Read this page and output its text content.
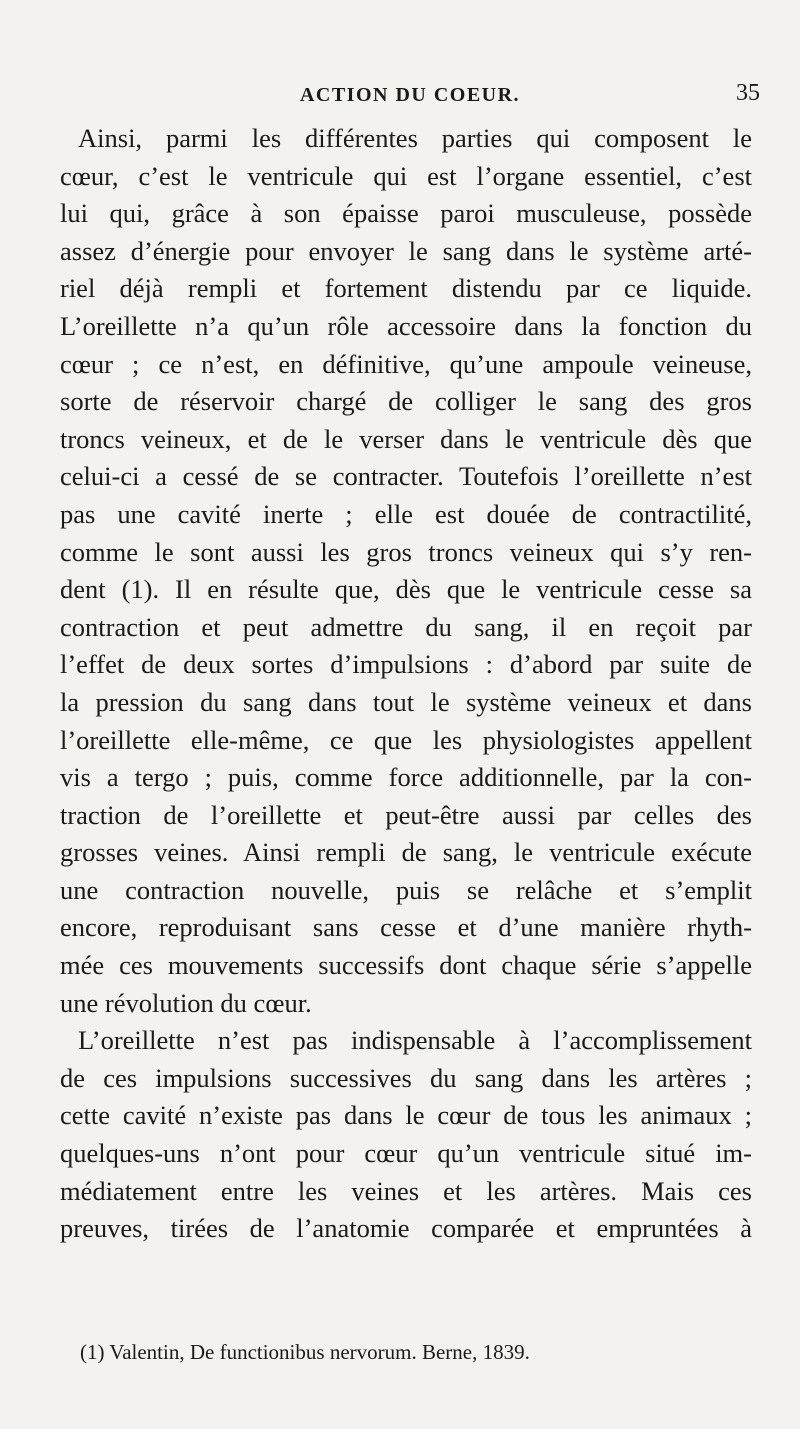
ACTION DU COEUR.	35
Ainsi, parmi les différentes parties qui composent le
cœur, c’est le ventricule qui est l’organe essentiel, c’est
lui qui, grâce à son épaisse paroi musculeuse, possède
assez d’énergie pour envoyer le sang dans le système arté-
riel déjà rempli et fortement distendu par ce liquide.
L’oreillette n’a qu’un rôle accessoire dans la fonction du
cœur ; ce n’est, en définitive, qu’une ampoule veineuse,
sorte de réservoir chargé de colliger le sang des gros
troncs veineux, et de le verser dans le ventricule dès que
celui-ci a cessé de se contracter. Toutefois l’oreillette n’est
pas une cavité inerte ; elle est douée de contractilité,
comme le sont aussi les gros troncs veineux qui s’y ren-
dent (1). Il en résulte que, dès que le ventricule cesse sa
contraction et peut admettre du sang, il en reçoit par
l’effet de deux sortes d’impulsions : d’abord par suite de
la pression du sang dans tout le système veineux et dans
l’oreillette elle-même, ce que les physiologistes appellent
vis a tergo ; puis, comme force additionnelle, par la con-
traction de l’oreillette et peut-être aussi par celles des
grosses veines. Ainsi rempli de sang, le ventricule exécute
une contraction nouvelle, puis se relâche et s’emplit
encore, reproduisant sans cesse et d’une manière rhyth-
mée ces mouvements successifs dont chaque série s’appelle
une révolution du cœur.
L’oreillette n’est pas indispensable à l’accomplissement
de ces impulsions successives du sang dans les artères ;
cette cavité n’existe pas dans le cœur de tous les animaux ;
quelques-uns n’ont pour cœur qu’un ventricule situé im-
médiatement entre les veines et les artères. Mais ces
preuves, tirées de l’anatomie comparée et empruntées à
(1) Valentin, De functionibus nervorum. Berne, 1839.
